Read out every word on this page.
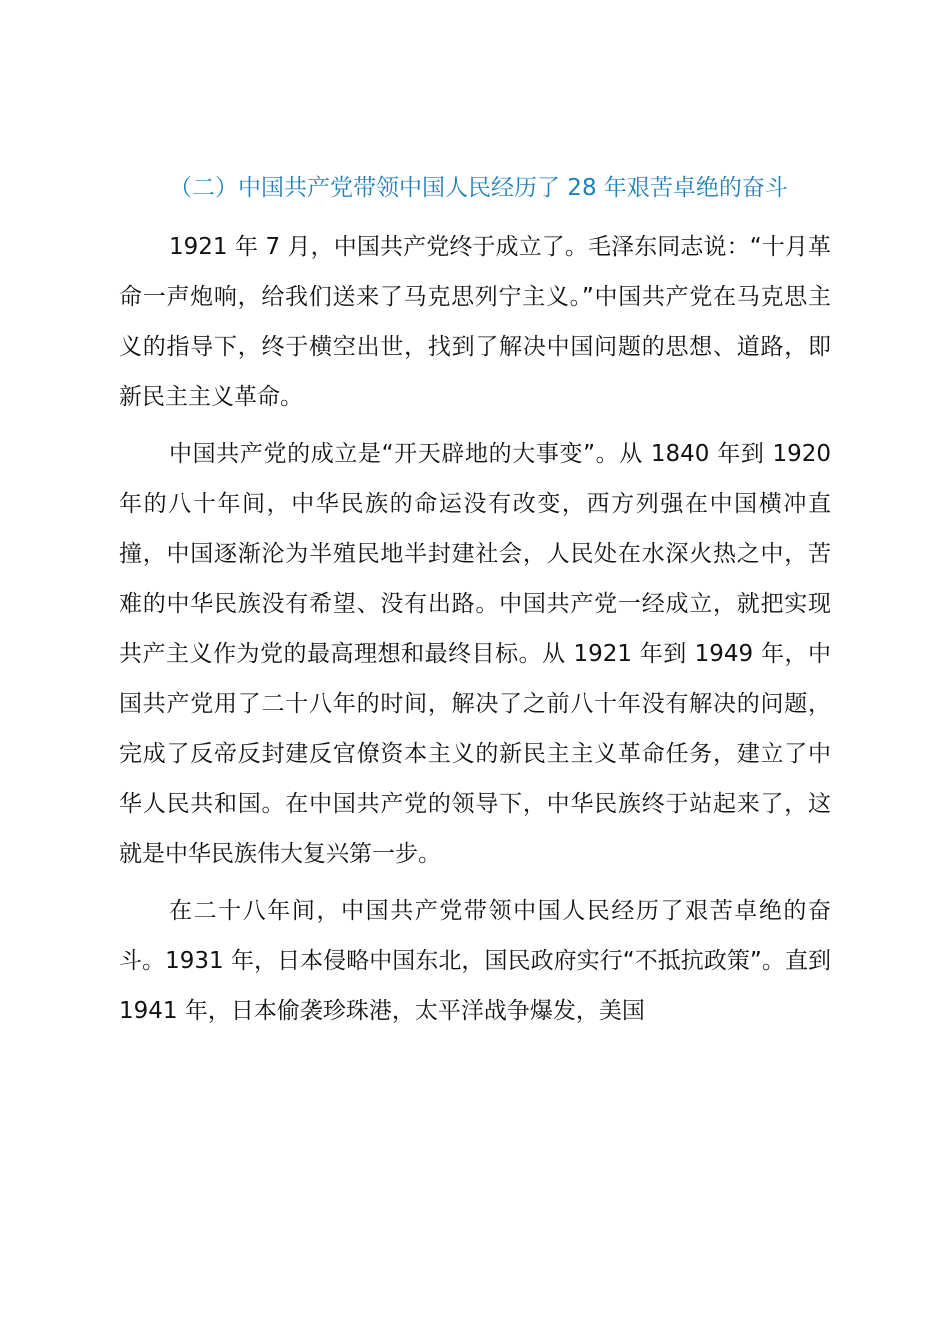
（二）中国共产党带领中国人民经历了 28 年艰苦卓绝的奋斗

1921 年 7 月，中国共产党终于成立了。毛泽东同志说：“十月革命一声炮响，给我们送来了马克思列宁主义。”中国共产党在马克思主义的指导下，终于横空出世，找到了解决中国问题的思想、道路，即新民主主义革命。

中国共产党的成立是“开天辟地的大事变”。从 1840 年到 1920 年的八十年间，中华民族的命运没有改变，西方列强在中国横冲直撞，中国逐渐沦为半殖民地半封建社会，人民处在水深火热之中，苦难的中华民族没有希望、没有出路。中国共产党一经成立，就把实现共产主义作为党的最高理想和最终目标。从 1921 年到 1949 年，中国共产党用了二十八年的时间，解决了之前八十年没有解决的问题，完成了反帝反封建反官僚资本主义的新民主主义革命任务，建立了中华人民共和国。在中国共产党的领导下，中华民族终于站起来了，这就是中华民族伟大复兴第一步。

在二十八年间，中国共产党带领中国人民经历了艰苦卓绝的奋斗。1931 年，日本侵略中国东北，国民政府实行“不抵抗政策”。直到 1941 年，日本偷袭珍珠港，太平洋战争爆发，美国
